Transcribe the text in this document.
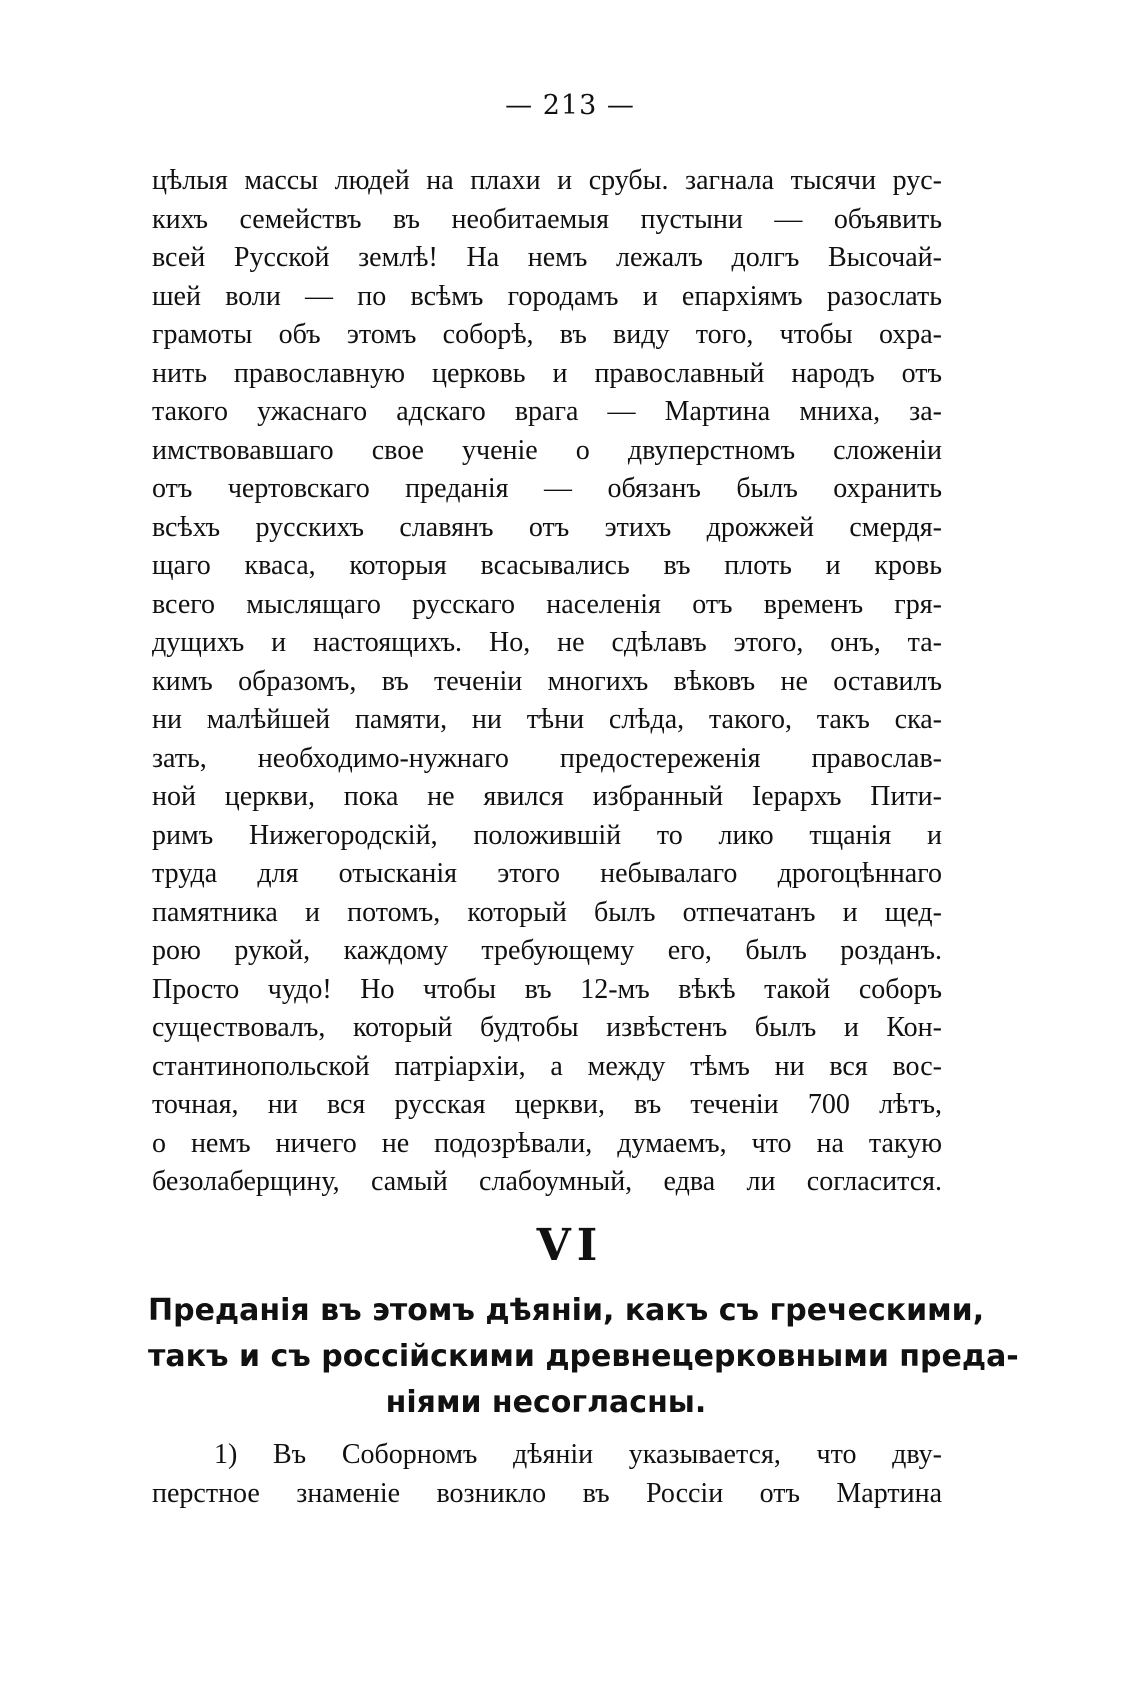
— 213 —
цѣлыя массы людей на плахи и срубы. загнала тысячи рус-
кихъ семействъ въ необитаемыя пустыни — объявить
всей Русской землѣ! На немъ лежалъ долгъ Высочай-
шей воли — по всѣмъ городамъ и епархіямъ разослать
грамоты объ этомъ соборѣ, въ виду того, чтобы охра-
нить православную церковь и православный народъ отъ
такого ужаснаго адскаго врага — Мартина мниха, за-
имствовавшаго свое ученіе о двуперстномъ сложеніи
отъ чертовскаго преданія — обязанъ былъ охранить
всѣхъ русскихъ славянъ отъ этихъ дрожжей смердя-
щаго кваса, которыя всасывались въ плоть и кровь
всего мыслящаго русскаго населенія отъ временъ гря-
дущихъ и настоящихъ. Но, не сдѣлавъ этого, онъ, та-
кимъ образомъ, въ теченіи многихъ вѣковъ не оставилъ
ни малѣйшей памяти, ни тѣни слѣда, такого, такъ ска-
зать, необходимо-нужнаго предостереженія православ-
ной церкви, пока не явился избранный Іерархъ Пити-
римъ Нижегородскій, положившій то лико тщанія и
труда для отысканія этого небывалаго дрогоцѣннаго
памятника и потомъ, который былъ отпечатанъ и щед-
рою рукой, каждому требующему его, былъ розданъ.
Просто чудо! Но чтобы въ 12-мъ вѣкѣ такой соборъ
существовалъ, который будтобы извѣстенъ былъ и Кон-
стантинопольской патріархіи, а между тѣмъ ни вся вос-
точная, ни вся русская церкви, въ теченіи 700 лѣтъ,
о немъ ничего не подозрѣвали, думаемъ, что на такую
безолаберщину, самый слабоумный, едва ли согласится.
VI
Преданія въ этомъ дѣяніи, какъ съ греческими,
такъ и съ россійскими древнецерковными преда-
ніями несогласны.
1) Въ Соборномъ дѣяніи указывается, что дву-
перстное знаменіе возникло въ Россіи отъ Мартина
